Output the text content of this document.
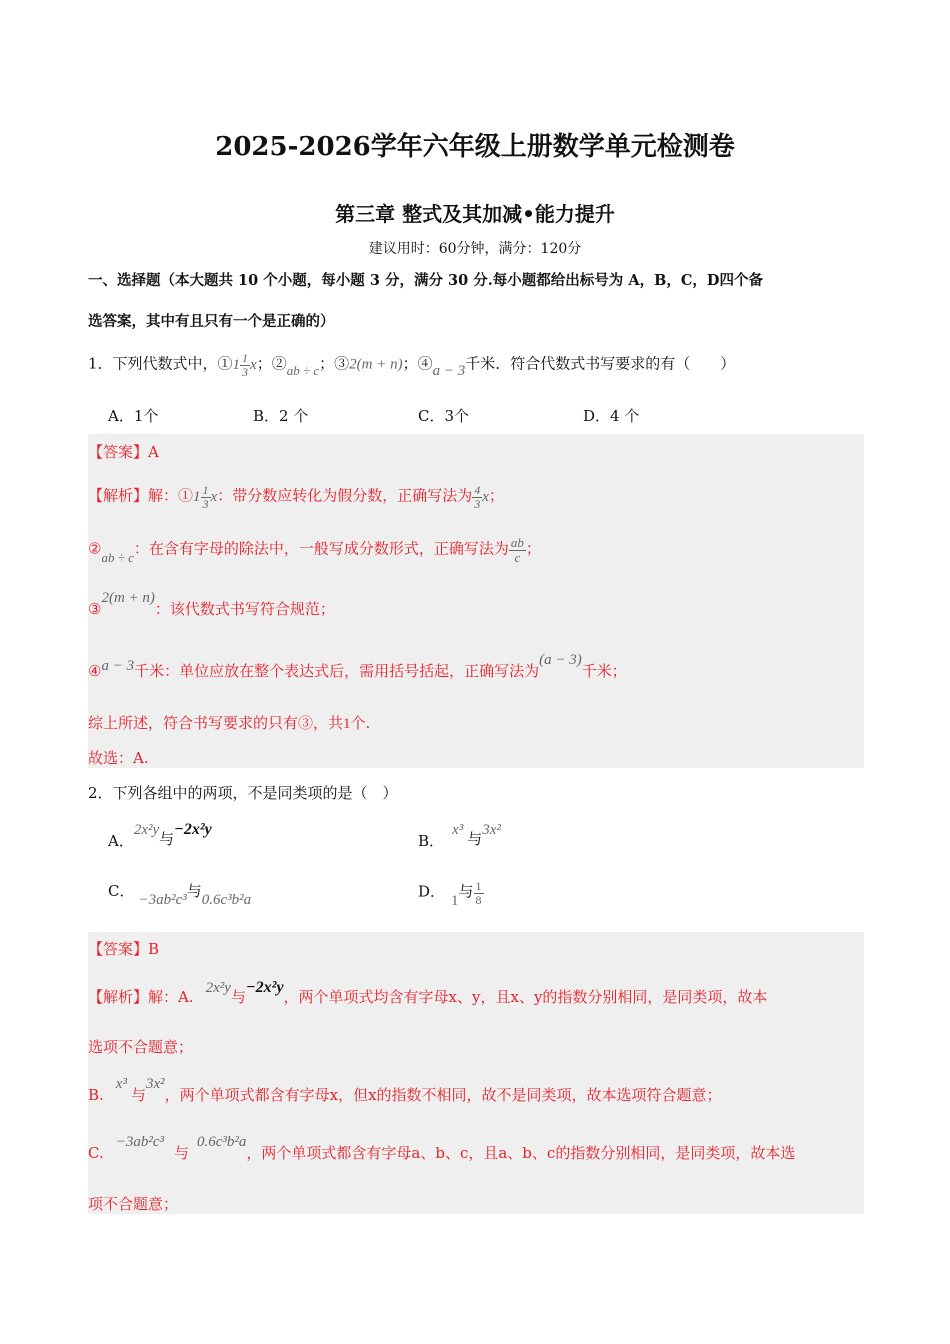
2025-2026学年六年级上册数学单元检测卷
第三章 整式及其加减•能力提升
建议用时：60分钟，满分：120分
一、选择题（本大题共 10 个小题，每小题 3 分，满分 30 分.每小题都给出标号为 A，B，C，D四个备
选答案，其中有且只有一个是正确的）
1．下列代数式中，①1 $\frac{1}{3}$ x；②ab ÷ c；③2(m + n)；④a − 3千米．符合代数式书写要求的有（　　）
A．1个	B．2 个	C．3个	D．4 个
【答案】A
【解析】解：①1 $\frac{1}{3}$ x：带分数应转化为假分数，正确写法为 $\frac{4}{3}$ x；
②ab ÷ c：在含有字母的除法中，一般写成分数形式，正确写法为 $\frac{ab}{c}$ ；
③2(m + n)：该代数式书写符合规范；
④a − 3千米：单位应放在整个表达式后，需用括号括起，正确写法为(a − 3)千米；
综上所述，符合书写要求的只有③，共1个.
故选：A.
2．下列各组中的两项，不是同类项的是（　）
A．2x²y与−2x²y
B．x³ 与3x²
C． −3ab²c³与0.6c³b²a	D． 1与 $\frac{1}{8}$
【答案】B
【解析】解：A. 2x²y与−2x²y，两个单项式均含有字母x、y，且x、y的指数分别相同，是同类项，故本
选项不合题意；
B.x³与3x²，两个单项式都含有字母x，但x的指数不相同，故不是同类项，故本选项符合题意；
C.−3ab²c³与0.6c³b²a，两个单项式都含有字母a、b、c，且a、b、c的指数分别相同，是同类项，故本选
项不合题意；
